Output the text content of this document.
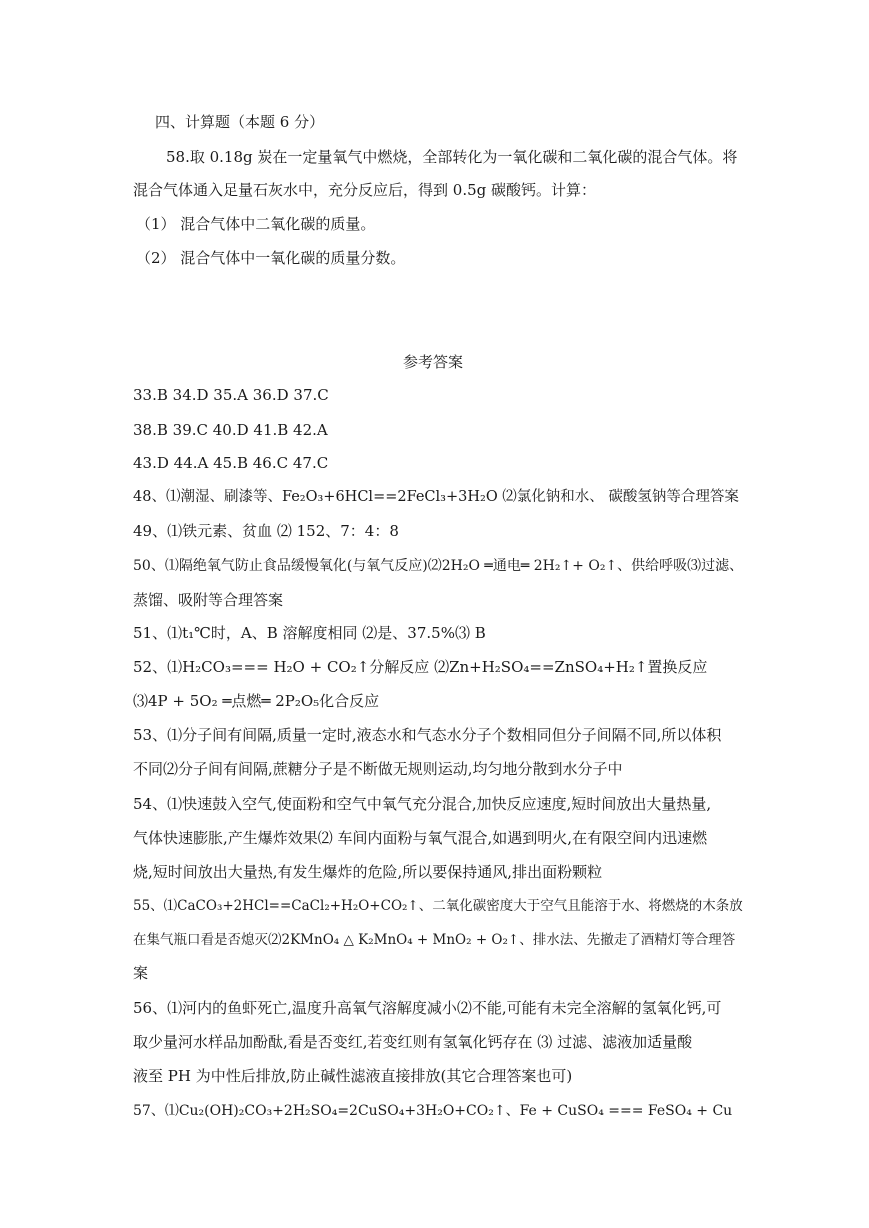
四、计算题（本题 6 分）
58.取 0.18g 炭在一定量氧气中燃烧，全部转化为一氧化碳和二氧化碳的混合气体。将
混合气体通入足量石灰水中，充分反应后，得到 0.5g 碳酸钙。计算：
（1） 混合气体中二氧化碳的质量。
（2） 混合气体中一氧化碳的质量分数。
参考答案
33.B 34.D 35.A 36.D 37.C
38.B 39.C 40.D 41.B 42.A
43.D 44.A 45.B 46.C 47.C
48、⑴潮湿、刷漆等、Fe₂O₃+6HCl==2FeCl₃+3H₂O ⑵氯化钠和水、 碳酸氢钠等合理答案
49、⑴铁元素、贫血 ⑵ 152、7：4：8
50、⑴隔绝氧气防止食品缓慢氧化(与氧气反应)⑵2H₂O ═通电═ 2H₂↑+ O₂↑、供给呼吸⑶过滤、
蒸馏、吸附等合理答案
51、⑴t₁℃时，A、B 溶解度相同 ⑵是、37.5%⑶ B
52、⑴H₂CO₃=== H₂O + CO₂↑分解反应 ⑵Zn+H₂SO₄==ZnSO₄+H₂↑置换反应
⑶4P + 5O₂ ═点燃═ 2P₂O₅化合反应
53、⑴分子间有间隔,质量一定时,液态水和气态水分子个数相同但分子间隔不同,所以体积
不同⑵分子间有间隔,蔗糖分子是不断做无规则运动,均匀地分散到水分子中
54、⑴快速鼓入空气,使面粉和空气中氧气充分混合,加快反应速度,短时间放出大量热量,
气体快速膨胀,产生爆炸效果⑵ 车间内面粉与氧气混合,如遇到明火,在有限空间内迅速燃
烧,短时间放出大量热,有发生爆炸的危险,所以要保持通风,排出面粉颗粒
55、⑴CaCO₃+2HCl==CaCl₂+H₂O+CO₂↑、二氧化碳密度大于空气且能溶于水、将燃烧的木条放
在集气瓶口看是否熄灭⑵2KMnO₄ △ K₂MnO₄ + MnO₂ + O₂↑、排水法、先撤走了酒精灯等合理答
案
56、⑴河内的鱼虾死亡,温度升高氧气溶解度减小⑵不能,可能有未完全溶解的氢氧化钙,可
取少量河水样品加酚酞,看是否变红,若变红则有氢氧化钙存在 ⑶ 过滤、滤液加适量酸
液至 PH 为中性后排放,防止碱性滤液直接排放(其它合理答案也可)
57、⑴Cu₂(OH)₂CO₃+2H₂SO₄=2CuSO₄+3H₂O+CO₂↑、Fe + CuSO₄ === FeSO₄ + Cu
